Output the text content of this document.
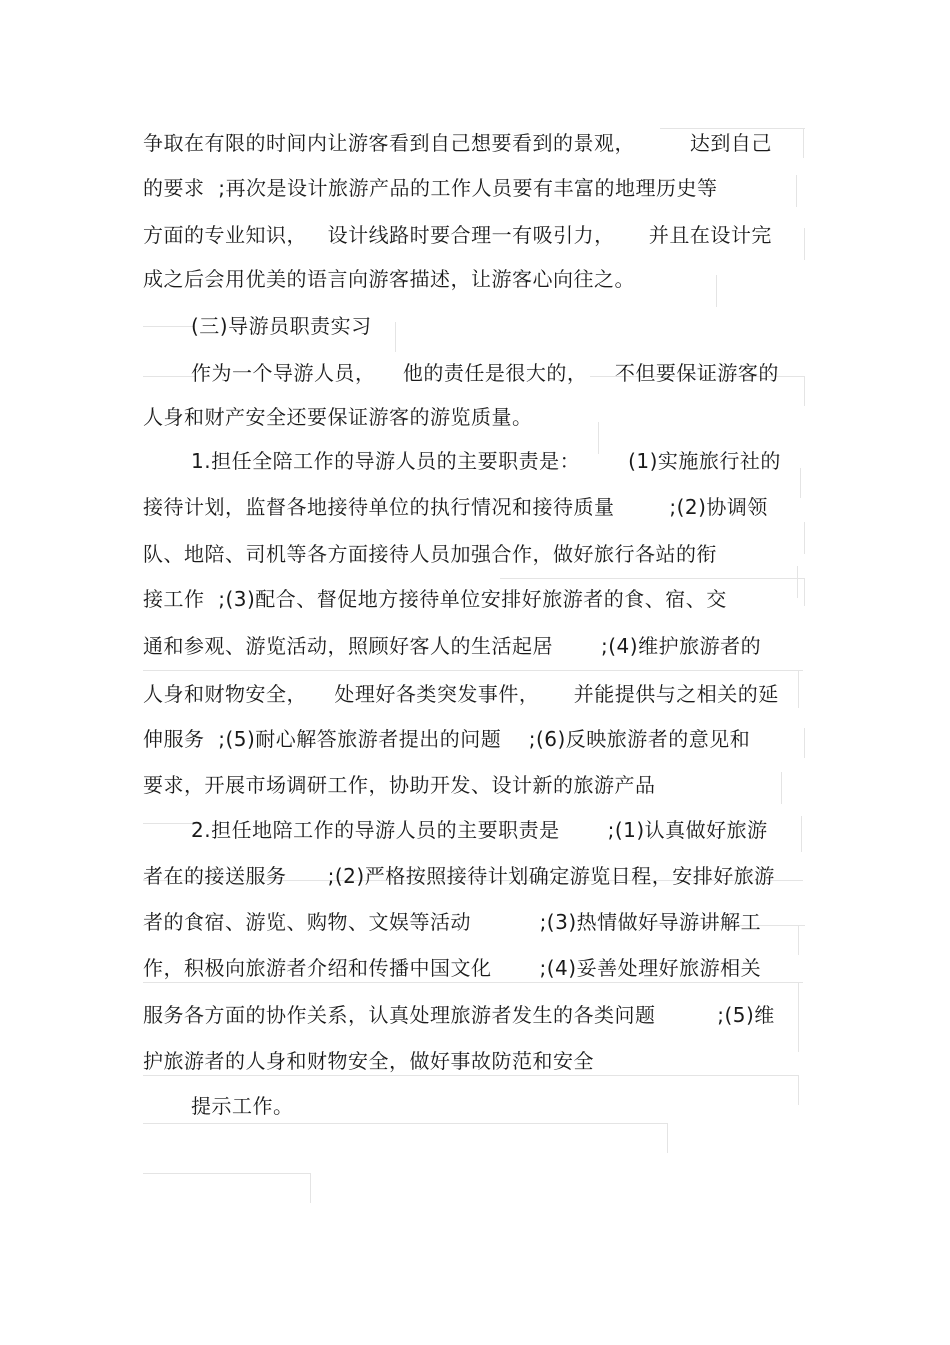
争取在有限的时间内让游客看到自己想要看到的景观，        达到自己
的要求  ;再次是设计旅游产品的工作人员要有丰富的地理历史等
方面的专业知识，   设计线路时要合理一有吸引力，     并且在设计完
成之后会用优美的语言向游客描述，让游客心向往之。
(三)导游员职责实习
作为一个导游人员，    他的责任是很大的，    不但要保证游客的
人身和财产安全还要保证游客的游览质量。
1.担任全陪工作的导游人员的主要职责是：       (1)实施旅行社的
接待计划，监督各地接待单位的执行情况和接待质量        ;(2)协调领
队、地陪、司机等各方面接待人员加强合作，做好旅行各站的衔
接工作  ;(3)配合、督促地方接待单位安排好旅游者的食、宿、交
通和参观、游览活动，照顾好客人的生活起居       ;(4)维护旅游者的
人身和财物安全，    处理好各类突发事件，     并能提供与之相关的延
伸服务  ;(5)耐心解答旅游者提出的问题    ;(6)反映旅游者的意见和
要求，开展市场调研工作，协助开发、设计新的旅游产品
2.担任地陪工作的导游人员的主要职责是       ;(1)认真做好旅游
者在的接送服务      ;(2)严格按照接待计划确定游览日程，安排好旅游
者的食宿、游览、购物、文娱等活动          ;(3)热情做好导游讲解工
作，积极向旅游者介绍和传播中国文化       ;(4)妥善处理好旅游相关
服务各方面的协作关系，认真处理旅游者发生的各类问题         ;(5)维
护旅游者的人身和财物安全，做好事故防范和安全
提示工作。
